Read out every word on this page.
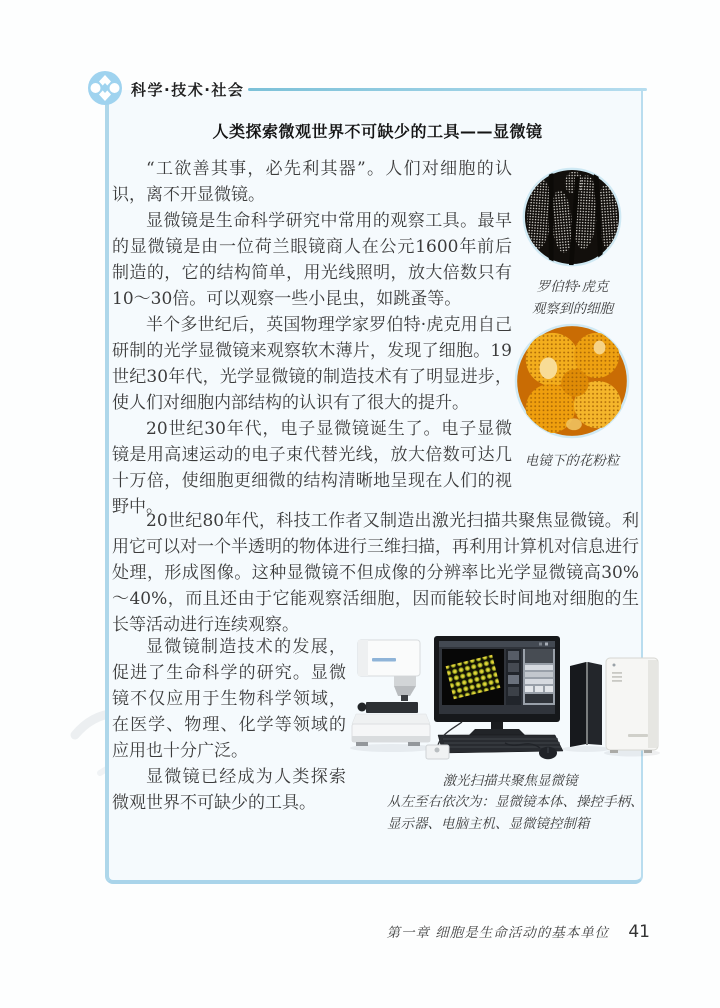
科学·技术·社会
人类探索微观世界不可缺少的工具——显微镜

“工欲善其事，必先利其器”。人们对细胞的认识，离不开显微镜。

显微镜是生命科学研究中常用的观察工具。最早的显微镜是由一位荷兰眼镜商人在公元1600年前后制造的，它的结构简单，用光线照明，放大倍数只有10～30倍。可以观察一些小昆虫，如跳蚤等。

半个多世纪后，英国物理学家罗伯特·虎克用自己研制的光学显微镜来观察软木薄片，发现了细胞。19世纪30年代，光学显微镜的制造技术有了明显进步，使人们对细胞内部结构的认识有了很大的提升。

20世纪30年代，电子显微镜诞生了。电子显微镜是用高速运动的电子束代替光线，放大倍数可达几十万倍，使细胞更细微的结构清晰地呈现在人们的视野中。

20世纪80年代，科技工作者又制造出激光扫描共聚焦显微镜。利用它可以对一个半透明的物体进行三维扫描，再利用计算机对信息进行处理，形成图像。这种显微镜不但成像的分辨率比光学显微镜高30%～40%，而且还由于它能观察活细胞，因而能较长时间地对细胞的生长等活动进行连续观察。

显微镜制造技术的发展，促进了生命科学的研究。显微镜不仅应用于生物科学领域，在医学、物理、化学等领域的应用也十分广泛。

显微镜已经成为人类探索微观世界不可缺少的工具。

罗伯特·虎克
观察到的细胞
电镜下的花粉粒
激光扫描共聚焦显微镜
从左至右依次为：显微镜本体、操控手柄、
显示器、电脑主机、显微镜控制箱
第一章 细胞是生命活动的基本单位 41
